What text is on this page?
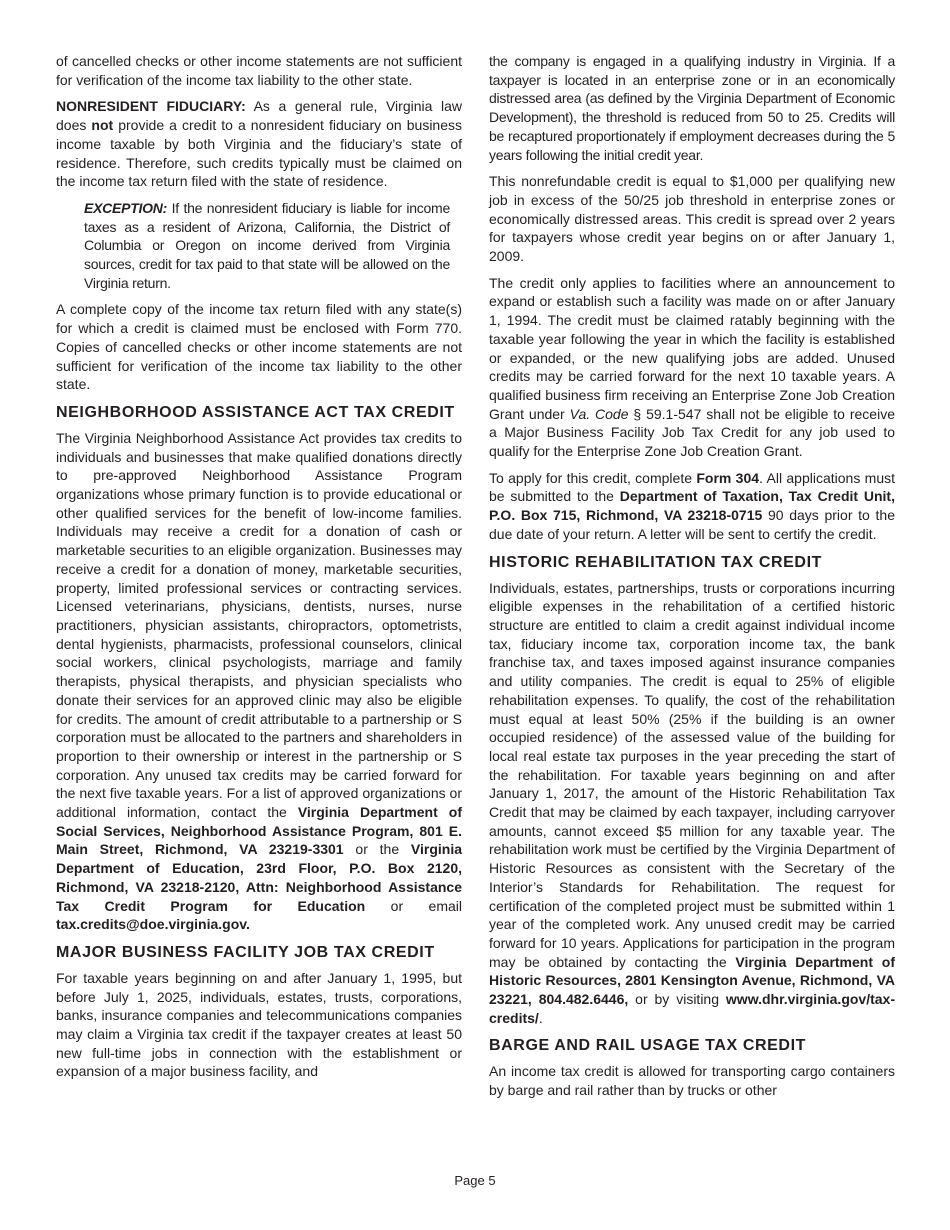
of cancelled checks or other income statements are not sufficient for verification of the income tax liability to the other state.

NONRESIDENT FIDUCIARY: As a general rule, Virginia law does not provide a credit to a nonresident fiduciary on business income taxable by both Virginia and the fiduciary’s state of residence. Therefore, such credits typically must be claimed on the income tax return filed with the state of residence.

EXCEPTION: If the nonresident fiduciary is liable for income taxes as a resident of Arizona, California, the District of Columbia or Oregon on income derived from Virginia sources, credit for tax paid to that state will be allowed on the Virginia return.

A complete copy of the income tax return filed with any state(s) for which a credit is claimed must be enclosed with Form 770. Copies of cancelled checks or other income statements are not sufficient for verification of the income tax liability to the other state.

NEIGHBORHOOD ASSISTANCE ACT TAX CREDIT

The Virginia Neighborhood Assistance Act provides tax credits to individuals and businesses that make qualified donations directly to pre-approved Neighborhood Assistance Program organizations whose primary function is to provide educational or other qualified services for the benefit of low-income families. Individuals may receive a credit for a donation of cash or marketable securities to an eligible organization. Businesses may receive a credit for a donation of money, marketable securities, property, limited professional services or contracting services. Licensed veterinarians, physicians, dentists, nurses, nurse practitioners, physician assistants, chiropractors, optometrists, dental hygienists, pharmacists, professional counselors, clinical social workers, clinical psychologists, marriage and family therapists, physical therapists, and physician specialists who donate their services for an approved clinic may also be eligible for credits. The amount of credit attributable to a partnership or S corporation must be allocated to the partners and shareholders in proportion to their ownership or interest in the partnership or S corporation. Any unused tax credits may be carried forward for the next five taxable years. For a list of approved organizations or additional information, contact the Virginia Department of Social Services, Neighborhood Assistance Program, 801 E. Main Street, Richmond, VA 23219-3301 or the Virginia Department of Education, 23rd Floor, P.O. Box 2120, Richmond, VA 23218-2120, Attn: Neighborhood Assistance Tax Credit Program for Education or email tax.credits@doe.virginia.gov.

MAJOR BUSINESS FACILITY JOB TAX CREDIT

For taxable years beginning on and after January 1, 1995, but before July 1, 2025, individuals, estates, trusts, corporations, banks, insurance companies and telecommunications companies may claim a Virginia tax credit if the taxpayer creates at least 50 new full-time jobs in connection with the establishment or expansion of a major business facility, and

the company is engaged in a qualifying industry in Virginia. If a taxpayer is located in an enterprise zone or in an economically distressed area (as defined by the Virginia Department of Economic Development), the threshold is reduced from 50 to 25. Credits will be recaptured proportionately if employment decreases during the 5 years following the initial credit year.

This nonrefundable credit is equal to $1,000 per qualifying new job in excess of the 50/25 job threshold in enterprise zones or economically distressed areas. This credit is spread over 2 years for taxpayers whose credit year begins on or after January 1, 2009.

The credit only applies to facilities where an announcement to expand or establish such a facility was made on or after January 1, 1994. The credit must be claimed ratably beginning with the taxable year following the year in which the facility is established or expanded, or the new qualifying jobs are added. Unused credits may be carried forward for the next 10 taxable years. A qualified business firm receiving an Enterprise Zone Job Creation Grant under Va. Code § 59.1-547 shall not be eligible to receive a Major Business Facility Job Tax Credit for any job used to qualify for the Enterprise Zone Job Creation Grant.

To apply for this credit, complete Form 304. All applications must be submitted to the Department of Taxation, Tax Credit Unit, P.O. Box 715, Richmond, VA 23218-0715 90 days prior to the due date of your return. A letter will be sent to certify the credit.

HISTORIC REHABILITATION TAX CREDIT

Individuals, estates, partnerships, trusts or corporations incurring eligible expenses in the rehabilitation of a certified historic structure are entitled to claim a credit against individual income tax, fiduciary income tax, corporation income tax, the bank franchise tax, and taxes imposed against insurance companies and utility companies. The credit is equal to 25% of eligible rehabilitation expenses. To qualify, the cost of the rehabilitation must equal at least 50% (25% if the building is an owner occupied residence) of the assessed value of the building for local real estate tax purposes in the year preceding the start of the rehabilitation. For taxable years beginning on and after January 1, 2017, the amount of the Historic Rehabilitation Tax Credit that may be claimed by each taxpayer, including carryover amounts, cannot exceed $5 million for any taxable year. The rehabilitation work must be certified by the Virginia Department of Historic Resources as consistent with the Secretary of the Interior’s Standards for Rehabilitation. The request for certification of the completed project must be submitted within 1 year of the completed work. Any unused credit may be carried forward for 10 years. Applications for participation in the program may be obtained by contacting the Virginia Department of Historic Resources, 2801 Kensington Avenue, Richmond, VA 23221, 804.482.6446, or by visiting www.dhr.virginia.gov/tax-credits/.

BARGE AND RAIL USAGE TAX CREDIT

An income tax credit is allowed for transporting cargo containers by barge and rail rather than by trucks or other

Page 5
